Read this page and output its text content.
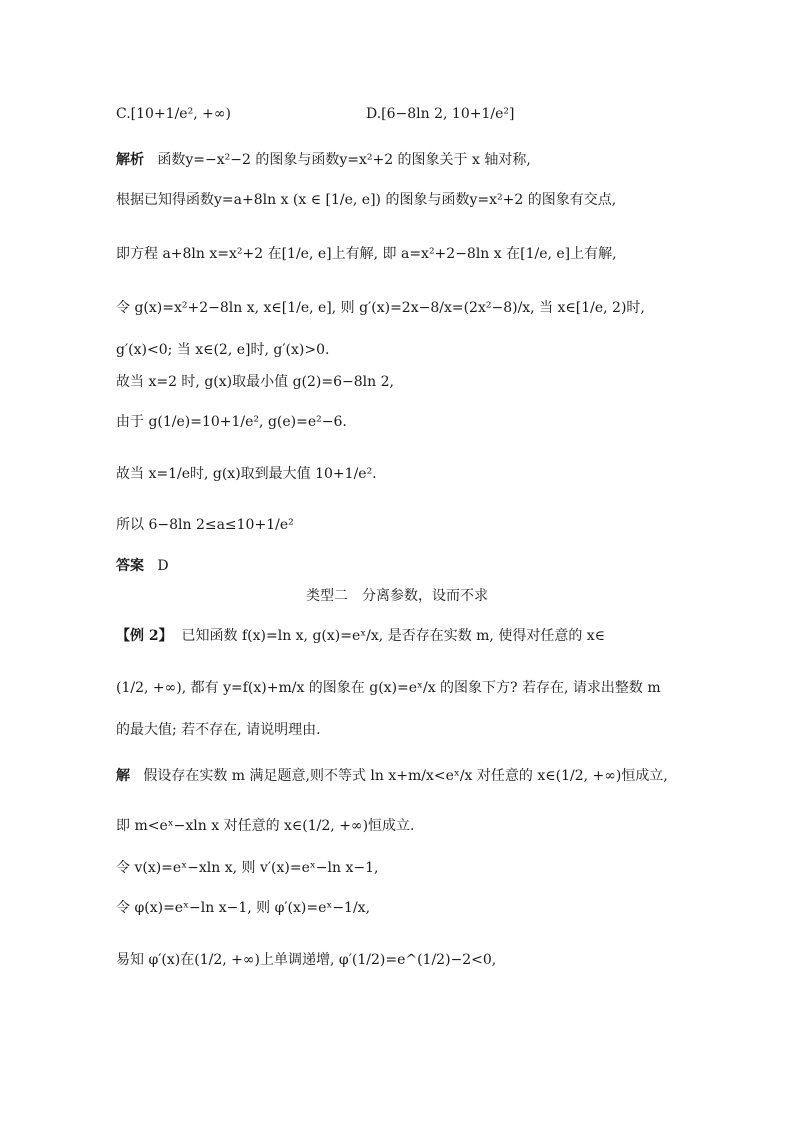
C.[10+1/e², +∞)	D.[6−8ln 2, 10+1/e²]
解析 函数y=−x²−2 的图象与函数y=x²+2 的图象关于 x 轴对称,
根据已知得函数y=a+8ln x (x ∈ [1/e, e]) 的图象与函数y=x²+2 的图象有交点,
即方程 a+8ln x=x²+2 在[1/e, e]上有解, 即 a=x²+2−8ln x 在[1/e, e]上有解,
令 g(x)=x²+2−8ln x, x∈[1/e, e], 则 g′(x)=2x−8/x=(2x²−8)/x, 当 x∈[1/e, 2)时,
g′(x)<0; 当 x∈(2, e]时, g′(x)>0.
故当 x=2 时, g(x)取最小值 g(2)=6−8ln 2,
由于 g(1/e)=10+1/e², g(e)=e²−6.
故当 x=1/e时, g(x)取到最大值 10+1/e².
所以 6−8ln 2≤a≤10+1/e²
答案 D
类型二　分离参数，设而不求
【例 2】 已知函数 f(x)=ln x, g(x)=eˣ/x, 是否存在实数 m, 使得对任意的 x∈
(1/2, +∞), 都有 y=f(x)+m/x 的图象在 g(x)=eˣ/x 的图象下方? 若存在, 请求出整数 m
的最大值; 若不存在, 请说明理由.
解 假设存在实数 m 满足题意,则不等式 ln x+m/x<eˣ/x 对任意的 x∈(1/2, +∞)恒成立,
即 m<eˣ−xln x 对任意的 x∈(1/2, +∞)恒成立.
令 v(x)=eˣ−xln x, 则 v′(x)=eˣ−ln x−1,
令 φ(x)=eˣ−ln x−1, 则 φ′(x)=eˣ−1/x,
易知 φ′(x)在(1/2, +∞)上单调递增, φ′(1/2)=e^(1/2)−2<0,
